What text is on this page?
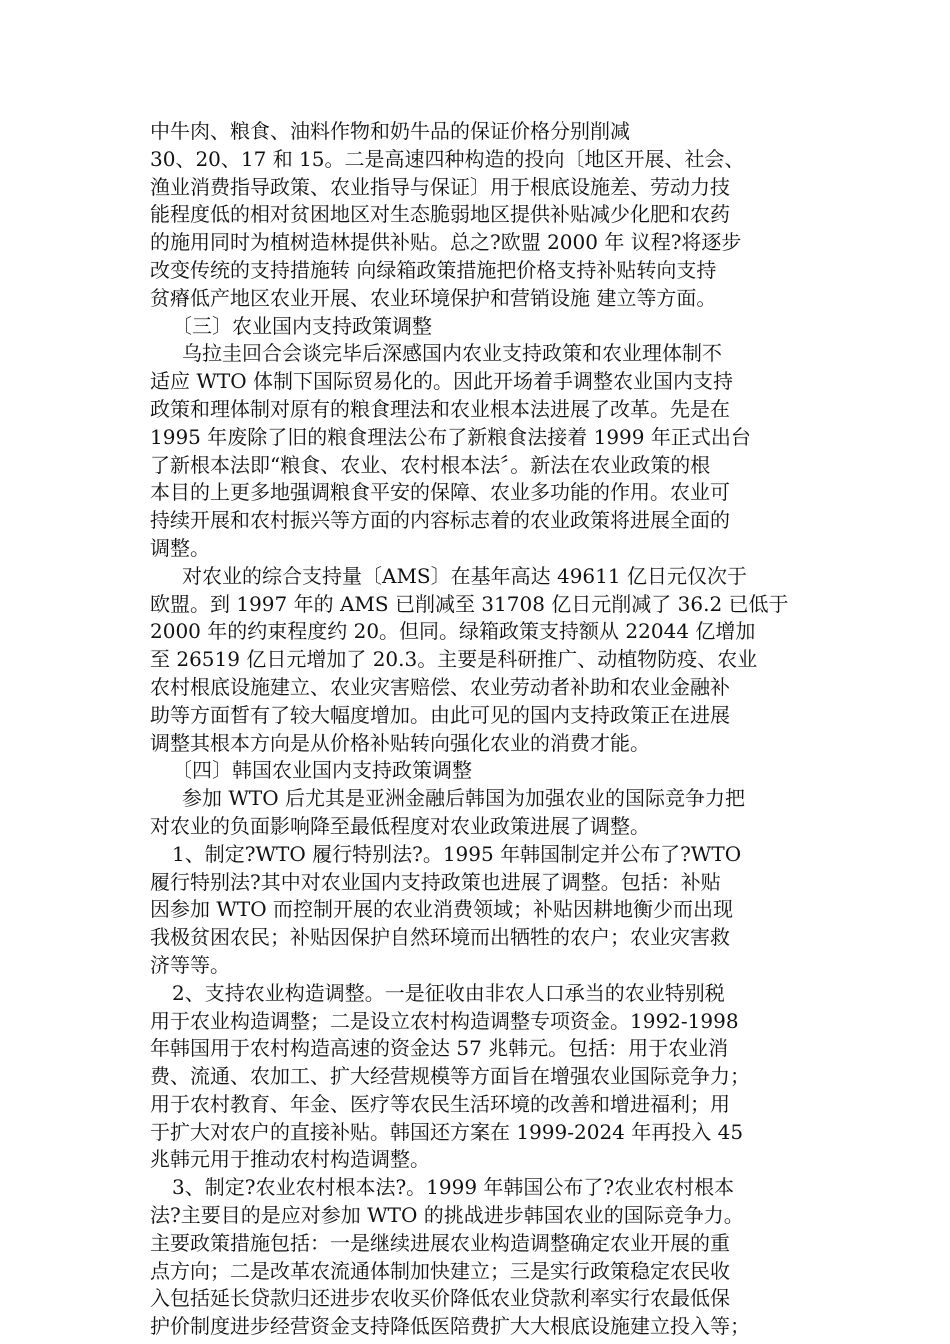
中牛肉、粮食、油料作物和奶牛品的保证价格分别削减
30、20、17 和 15。二是高速四种构造的投向〔地区开展、社会、
渔业消费指导政策、农业指导与保证〕用于根底设施差、劳动力技
能程度低的相对贫困地区对生态脆弱地区提供补贴减少化肥和农药
的施用同时为植树造林提供补贴。总之?欧盟 2000 年 议程?将逐步
改变传统的支持措施转 向绿箱政策措施把价格支持补贴转向支持
贫瘠低产地区农业开展、农业环境保护和营销设施 建立等方面。
〔三〕农业国内支持政策调整
乌拉圭回合会谈完毕后深感国内农业支持政策和农业理体制不
适应 WTO 体制下国际贸易化的。因此开场着手调整农业国内支持
政策和理体制对原有的粮食理法和农业根本法进展了改革。先是在
1995 年废除了旧的粮食理法公布了新粮食法接着 1999 年正式出台
了新根本法即“粮食、农业、农村根本法〞。新法在农业政策的根
本目的上更多地强调粮食平安的保障、农业多功能的作用。农业可
持续开展和农村振兴等方面的内容标志着的农业政策将进展全面的
调整。
对农业的综合支持量〔AMS〕在基年高达 49611 亿日元仅次于
欧盟。到 1997 年的 AMS 已削减至 31708 亿日元削减了 36.2 已低于
2000 年的约束程度约 20。但同。绿箱政策支持额从 22044 亿增加
至 26519 亿日元增加了 20.3。主要是科研推广、动植物防疫、农业
农村根底设施建立、农业灾害赔偿、农业劳动者补助和农业金融补
助等方面晳有了较大幅度增加。由此可见的国内支持政策正在进展
调整其根本方向是从价格补贴转向强化农业的消费才能。
〔四〕韩国农业国内支持政策调整
参加 WTO 后尤其是亚洲金融后韩国为加强农业的国际竞争力把
对农业的负面影响降至最低程度对农业政策进展了调整。
1、制定?WTO 履行特别法?。1995 年韩国制定并公布了?WTO
履行特别法?其中对农业国内支持政策也进展了调整。包括：补贴
因参加 WTO 而控制开展的农业消费领域；补贴因耕地衡少而出现
我极贫困农民；补贴因保护自然环境而出牺牲的农户；农业灾害救
济等等。
2、支持农业构造调整。一是征收由非农人口承当的农业特别税
用于农业构造调整；二是设立农村构造调整专项资金。1992-1998
年韩国用于农村构造高速的资金达 57 兆韩元。包括：用于农业消
费、流通、农加工、扩大经营规模等方面旨在增强农业国际竞争力；
用于农村教育、年金、医疗等农民生活环境的改善和增进福利；用
于扩大对农户的直接补贴。韩国还方案在 1999-2024 年再投入 45
兆韩元用于推动农村构造调整。
3、制定?农业农村根本法?。1999 年韩国公布了?农业农村根本
法?主要目的是应对参加 WTO 的挑战进步韩国农业的国际竞争力。
主要政策措施包括：一是继续进展农业构造调整确定农业开展的重
点方向；二是改革农流通体制加快建立；三是实行政策稳定农民收
入包括延长贷款归还进步农收买价降低农业贷款利率实行农最低保
护价制度进步经营资金支持降低医陪费扩大大根底设施建立投入等；
